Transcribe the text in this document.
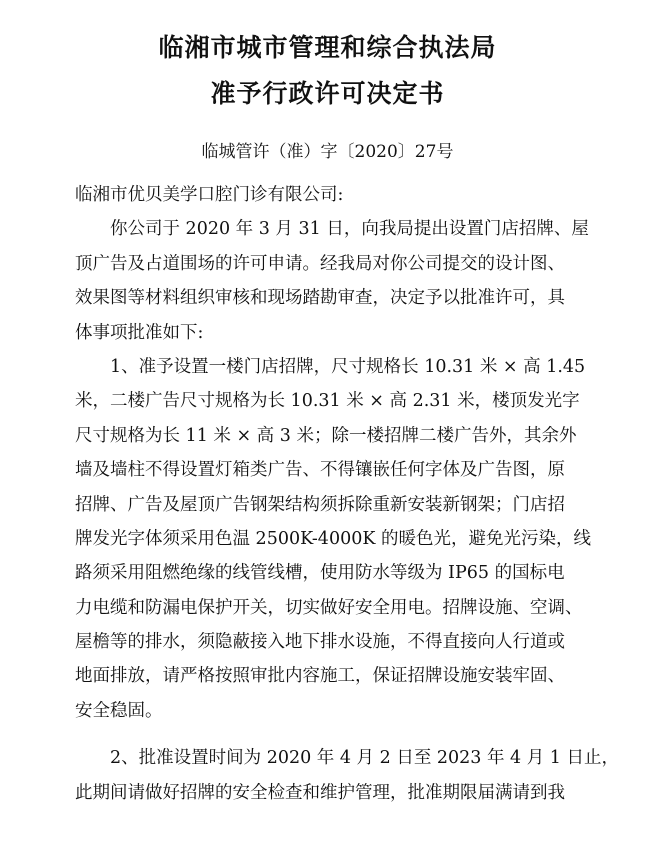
临湘市城市管理和综合执法局
准予行政许可决定书
临城管许（准）字〔2020〕27号
临湘市优贝美学口腔门诊有限公司:
你公司于 2020 年 3 月 31 日，向我局提出设置门店招牌、屋
顶广告及占道围场的许可申请。经我局对你公司提交的设计图、
效果图等材料组织审核和现场踏勘审查，决定予以批准许可，具
体事项批准如下:
1、准予设置一楼门店招牌，尺寸规格长 10.31 米 × 高 1.45
米，二楼广告尺寸规格为长 10.31 米 × 高 2.31 米，楼顶发光字
尺寸规格为长 11 米 × 高 3 米；除一楼招牌二楼广告外，其余外
墙及墙柱不得设置灯箱类广告、不得镶嵌任何字体及广告图，原
招牌、广告及屋顶广告钢架结构须拆除重新安装新钢架；门店招
牌发光字体须采用色温 2500K-4000K 的暖色光，避免光污染，线
路须采用阻燃绝缘的线管线槽，使用防水等级为 IP65 的国标电
力电缆和防漏电保护开关，切实做好安全用电。招牌设施、空调、
屋檐等的排水，须隐蔽接入地下排水设施，不得直接向人行道或
地面排放，请严格按照审批内容施工，保证招牌设施安装牢固、
安全稳固。
2、批准设置时间为 2020 年 4 月 2 日至 2023 年 4 月 1 日止，
此期间请做好招牌的安全检查和维护管理，批准期限届满请到我
